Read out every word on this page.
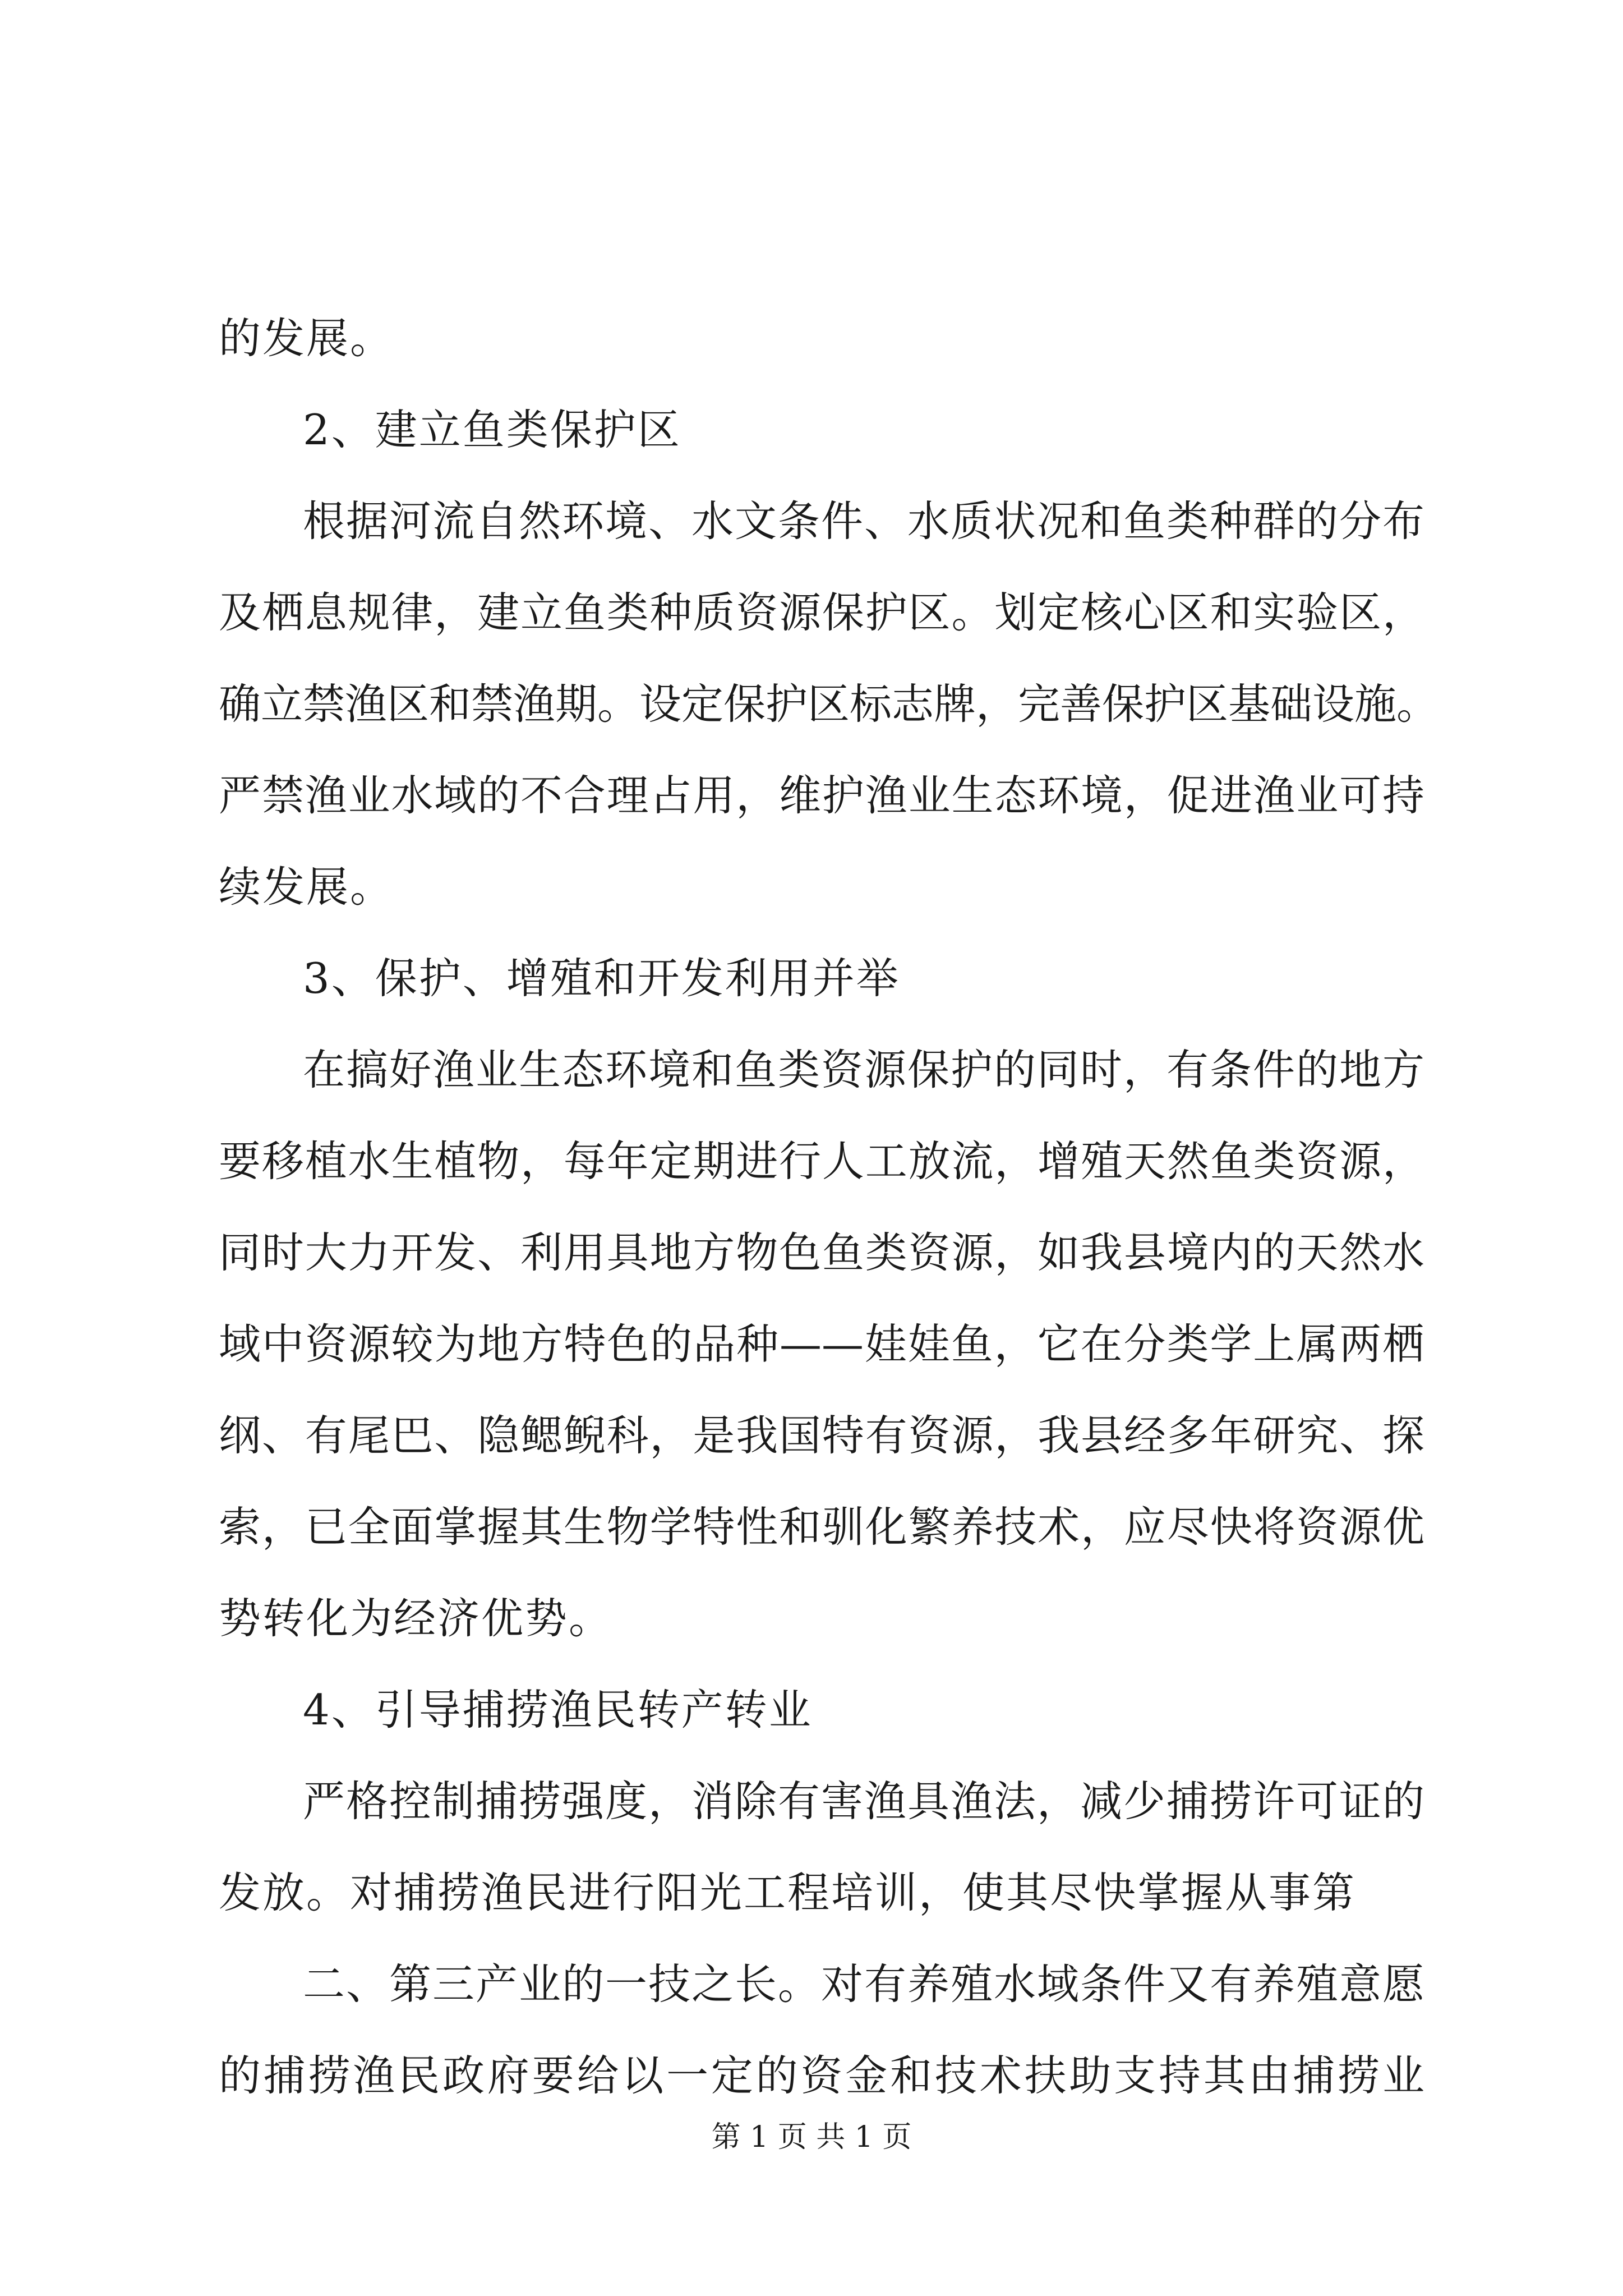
的发展。
2、建立鱼类保护区
根据河流自然环境、水文条件、水质状况和鱼类种群的分布
及栖息规律，建立鱼类种质资源保护区。划定核心区和实验区，
确立禁渔区和禁渔期。设定保护区标志牌，完善保护区基础设施。
严禁渔业水域的不合理占用，维护渔业生态环境，促进渔业可持
续发展。
3、保护、增殖和开发利用并举
在搞好渔业生态环境和鱼类资源保护的同时，有条件的地方
要移植水生植物，每年定期进行人工放流，增殖天然鱼类资源，
同时大力开发、利用具地方物色鱼类资源，如我县境内的天然水
域中资源较为地方特色的品种——娃娃鱼，它在分类学上属两栖
纲、有尾巴、隐鳃鲵科，是我国特有资源，我县经多年研究、探
索，已全面掌握其生物学特性和驯化繁养技术，应尽快将资源优
势转化为经济优势。
4、引导捕捞渔民转产转业
严格控制捕捞强度，消除有害渔具渔法，减少捕捞许可证的
发放。对捕捞渔民进行阳光工程培训，使其尽快掌握从事第
二、第三产业的一技之长。对有养殖水域条件又有养殖意愿
的捕捞渔民政府要给以一定的资金和技术扶助支持其由捕捞业
第 1 页 共 1 页
